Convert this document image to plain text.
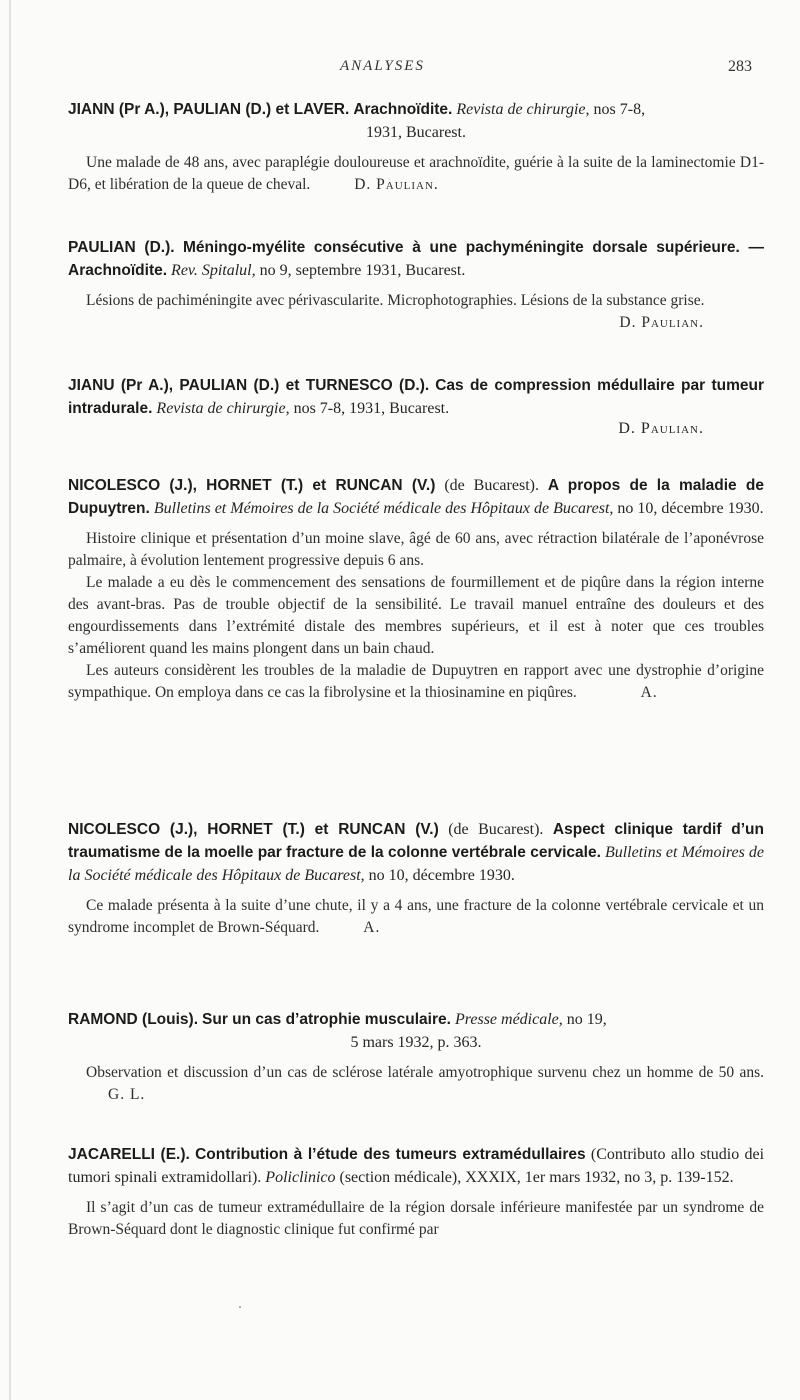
ANALYSES	283
JIANN (Pr A.), PAULIAN (D.) et LAVER. Arachnoïdite. Revista de chirurgie, nos 7-8,
1931, Bucarest.

Une malade de 48 ans, avec paraplégie douloureuse et arachnoïdite, guérie à la suite de la laminectomie D1-D6, et libération de la queue de cheval.	D. Paulian.

PAULIAN (D.). Méningo-myélite consécutive à une pachyméningite dorsale supérieure. — Arachnoïdite. Rev. Spitalul, no 9, septembre 1931, Bucarest.

Lésions de pachiméningite avec périvascularite. Microphotographies. Lésions de la substance grise.

D. Paulian.
JIANU (Pr A.), PAULIAN (D.) et TURNESCO (D.). Cas de compression médullaire par tumeur intradurale. Revista de chirurgie, nos 7-8, 1931, Bucarest.
D. Paulian.
NICOLESCO (J.), HORNET (T.) et RUNCAN (V.) (de Bucarest). A propos de la maladie de Dupuytren. Bulletins et Mémoires de la Société médicale des Hôpitaux de Bucarest, no 10, décembre 1930.

Histoire clinique et présentation d’un moine slave, âgé de 60 ans, avec rétraction bilatérale de l’aponévrose palmaire, à évolution lentement progressive depuis 6 ans.

Le malade a eu dès le commencement des sensations de fourmillement et de piqûre dans la région interne des avant-bras. Pas de trouble objectif de la sensibilité. Le travail manuel entraîne des douleurs et des engourdissements dans l’extrémité distale des membres supérieurs, et il est à noter que ces troubles s’améliorent quand les mains plongent dans un bain chaud.

Les auteurs considèrent les troubles de la maladie de Dupuytren en rapport avec une dystrophie d’origine sympathique. On employa dans ce cas la fibrolysine et la thiosinamine en piqûres.	A.

NICOLESCO (J.), HORNET (T.) et RUNCAN (V.) (de Bucarest). Aspect clinique tardif d’un traumatisme de la moelle par fracture de la colonne vertébrale cervicale. Bulletins et Mémoires de la Société médicale des Hôpitaux de Bucarest, no 10, décembre 1930.

Ce malade présenta à la suite d’une chute, il y a 4 ans, une fracture de la colonne vertébrale cervicale et un syndrome incomplet de Brown-Séquard.	A.

RAMOND (Louis). Sur un cas d’atrophie musculaire. Presse médicale, no 19,
5 mars 1932, p. 363.

Observation et discussion d’un cas de sclérose latérale amyotrophique survenu chez un homme de 50 ans. G. L.

JACARELLI (E.). Contribution à l’étude des tumeurs extramédullaires (Contributo allo studio dei tumori spinali extramidollari). Policlinico (section médicale), XXXIX, 1er mars 1932, no 3, p. 139-152.

Il s’agit d’un cas de tumeur extramédullaire de la région dorsale inférieure manifestée par un syndrome de Brown-Séquard dont le diagnostic clinique fut confirmé par
